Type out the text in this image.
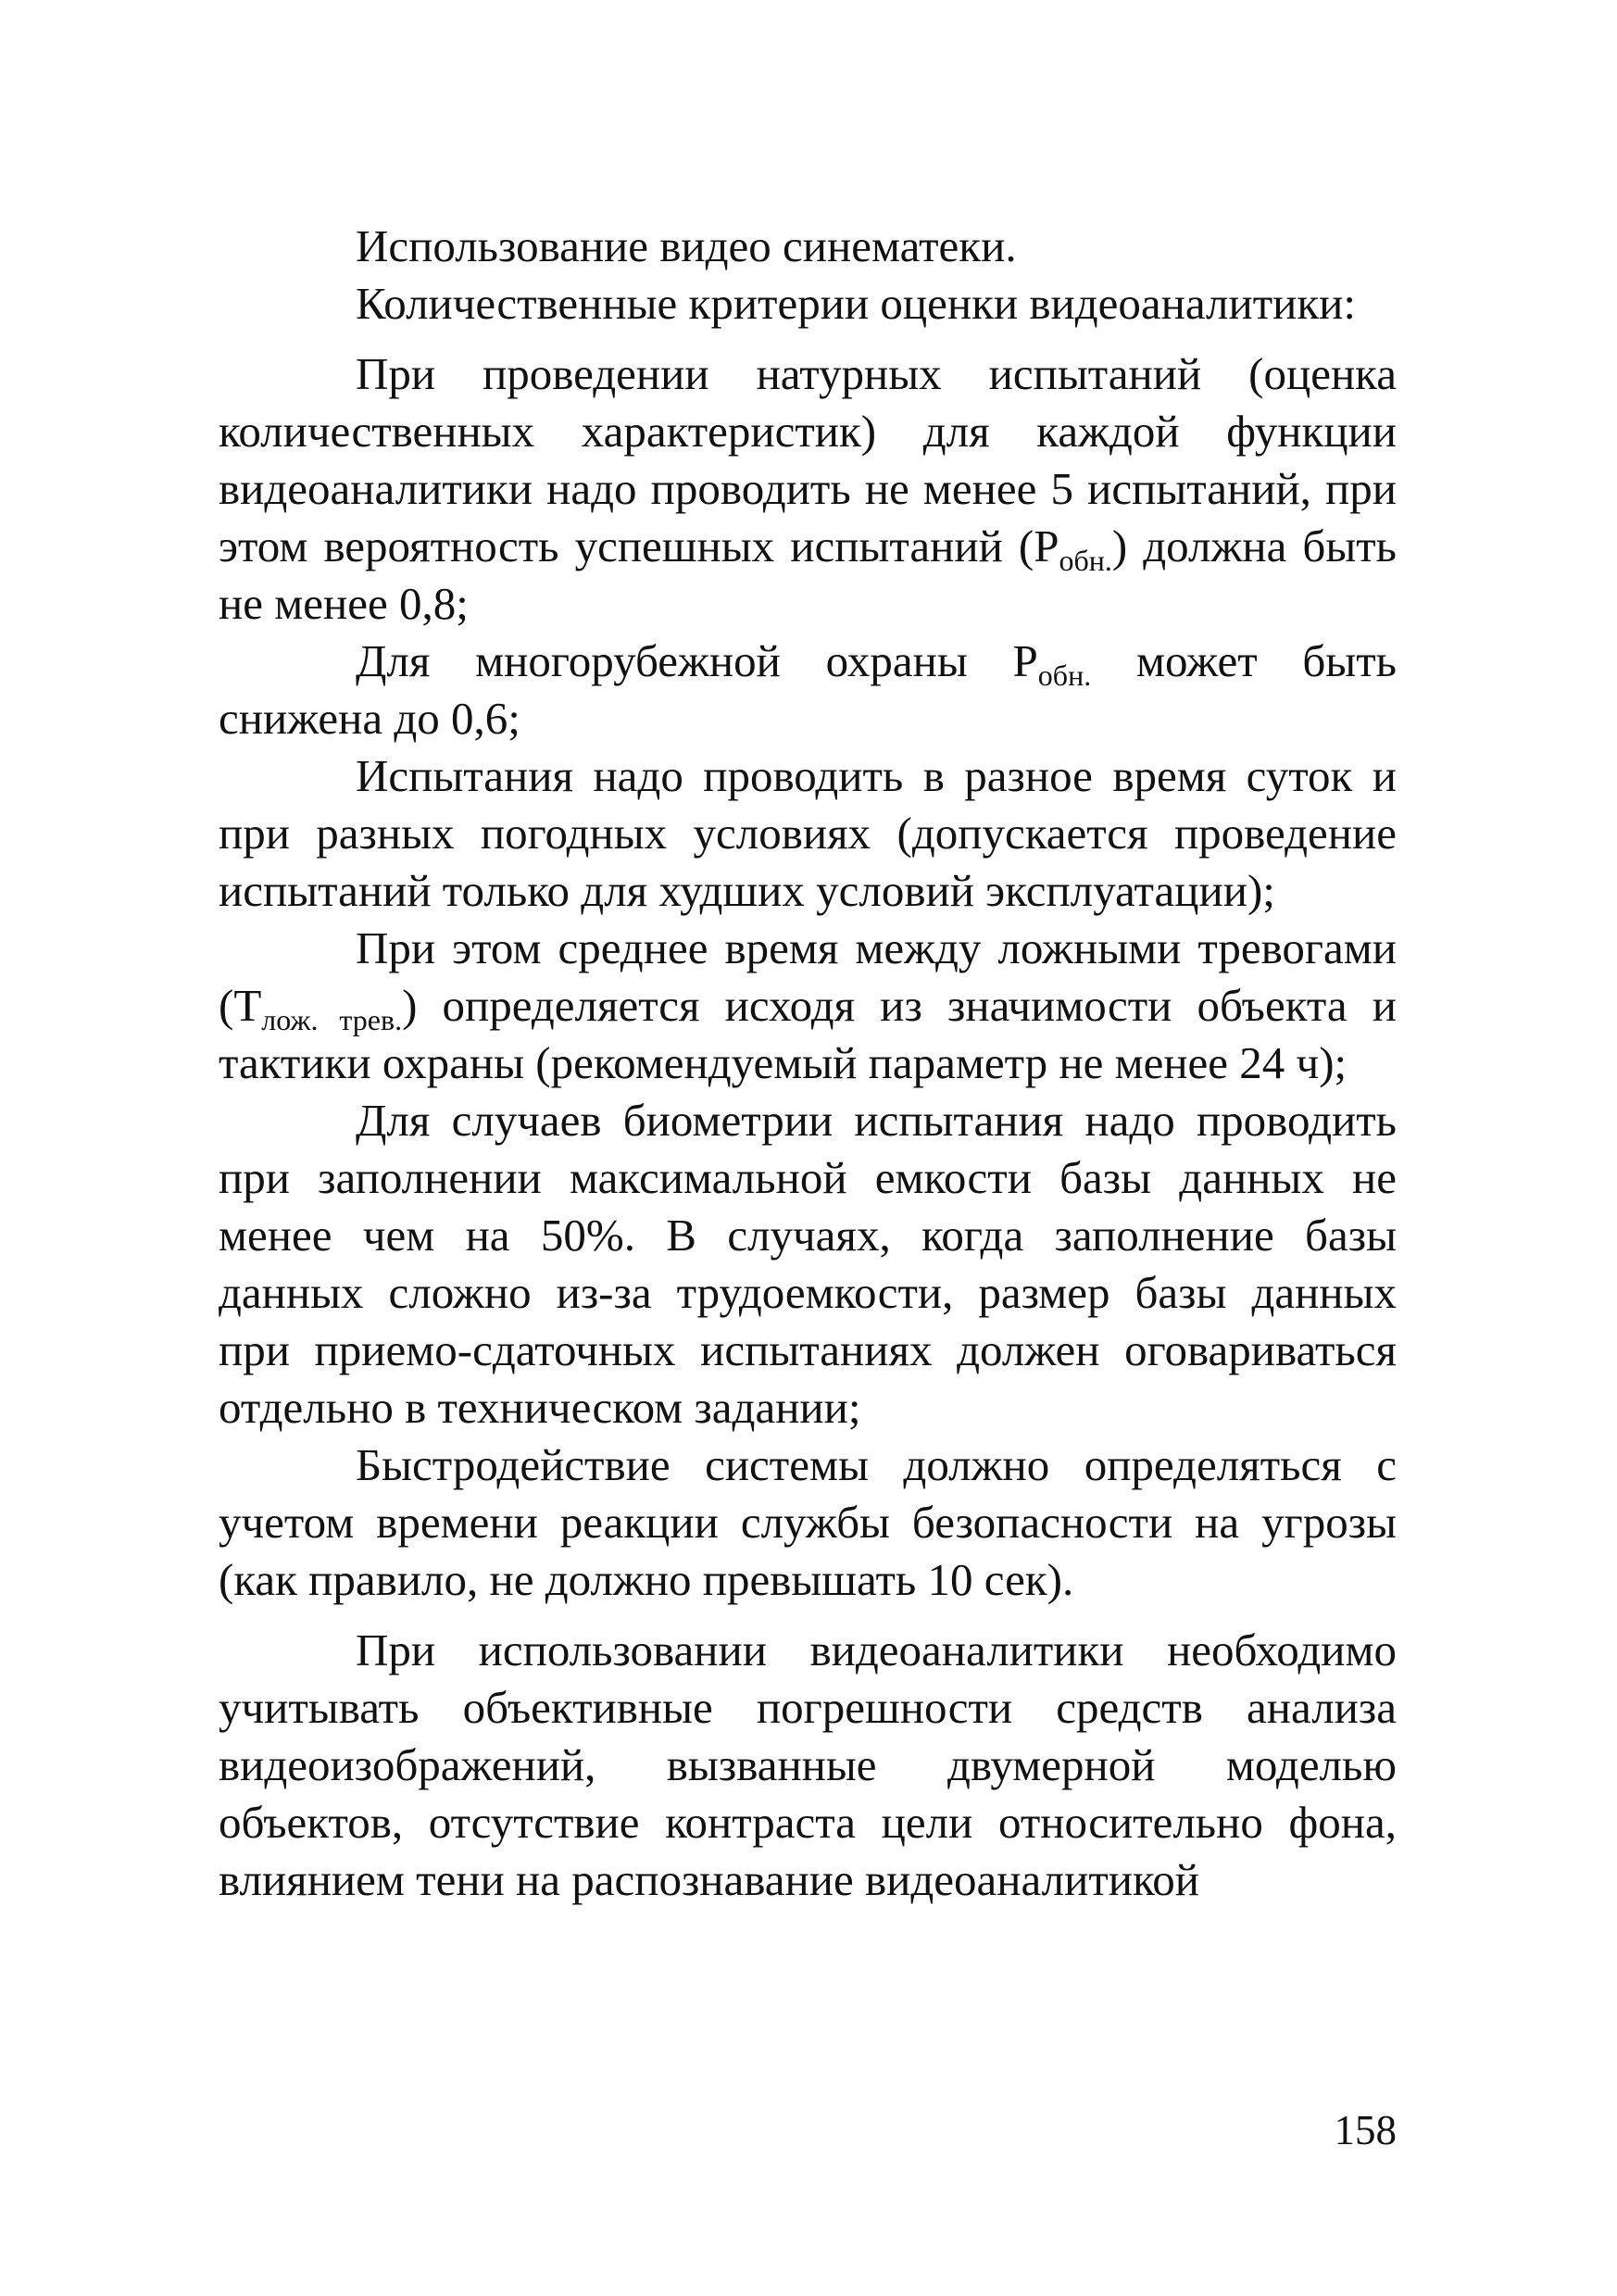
Использование видео синематеки.

Количественные критерии оценки видеоаналитики:

При проведении натурных испытаний (оценка количественных характеристик) для каждой функции видеоаналитики надо проводить не менее 5 испытаний, при этом вероятность успешных испытаний $(P_{обн.})$ должна быть не менее 0,8;

Для многорубежной охраны $P_{обн.}$ может быть снижена до 0,6;

Испытания надо проводить в разное время суток и при разных погодных условиях (допускается проведение испытаний только для худших условий эксплуатации);

При этом среднее время между ложными тревогами $(T_{лож. трев.})$ определяется исходя из значимости объекта и тактики охраны (рекомендуемый параметр не менее 24 ч);

Для случаев биометрии испытания надо проводить при заполнении максимальной емкости базы данных не менее чем на 50%. В случаях, когда заполнение базы данных сложно из-за трудоемкости, размер базы данных при приемо-сдаточных испытаниях должен оговариваться отдельно в техническом задании;

Быстродействие системы должно определяться с учетом времени реакции службы безопасности на угрозы (как правило, не должно превышать 10 сек).

При использовании видеоаналитики необходимо учитывать объективные погрешности средств анализа видеоизображений, вызванные двумерной моделью объектов, отсутствие контраста цели относительно фона, влиянием тени на распознавание видеоаналитикой

158
